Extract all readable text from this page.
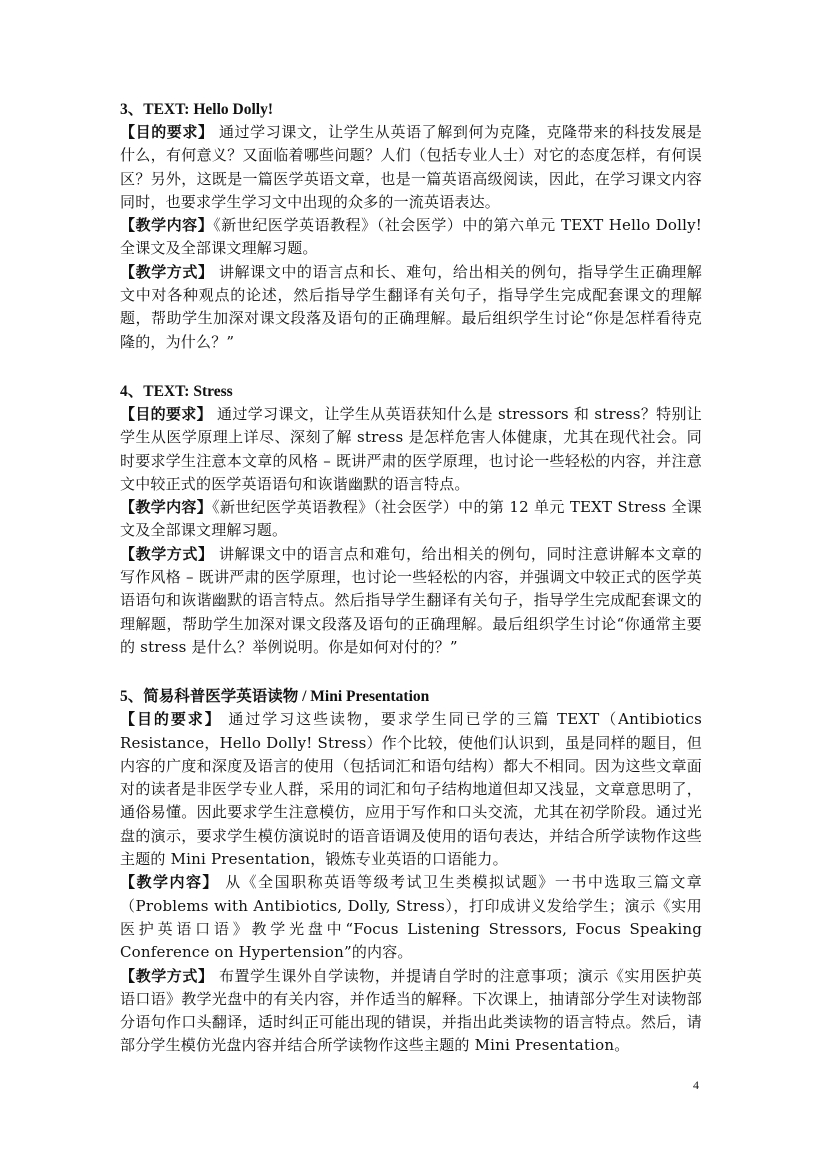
3、TEXT: Hello Dolly!

【目的要求】 通过学习课文，让学生从英语了解到何为克隆，克隆带来的科技发展是什么，有何意义？又面临着哪些问题？人们（包括专业人士）对它的态度怎样，有何误区？另外，这既是一篇医学英语文章，也是一篇英语高级阅读，因此，在学习课文内容同时，也要求学生学习文中出现的众多的一流英语表达。

【教学内容】《新世纪医学英语教程》（社会医学）中的第六单元 TEXT Hello Dolly! 全课文及全部课文理解习题。

【教学方式】 讲解课文中的语言点和长、难句，给出相关的例句，指导学生正确理解文中对各种观点的论述，然后指导学生翻译有关句子，指导学生完成配套课文的理解题，帮助学生加深对课文段落及语句的正确理解。最后组织学生讨论“你是怎样看待克隆的，为什么？”

4、TEXT: Stress

【目的要求】 通过学习课文，让学生从英语获知什么是 stressors 和 stress？特别让学生从医学原理上详尽、深刻了解 stress 是怎样危害人体健康，尤其在现代社会。同时要求学生注意本文章的风格 – 既讲严肃的医学原理，也讨论一些轻松的内容，并注意文中较正式的医学英语语句和诙谐幽默的语言特点。

【教学内容】《新世纪医学英语教程》（社会医学）中的第 12 单元 TEXT Stress 全课文及全部课文理解习题。

【教学方式】 讲解课文中的语言点和难句，给出相关的例句，同时注意讲解本文章的写作风格 – 既讲严肃的医学原理，也讨论一些轻松的内容，并强调文中较正式的医学英语语句和诙谐幽默的语言特点。然后指导学生翻译有关句子，指导学生完成配套课文的理解题，帮助学生加深对课文段落及语句的正确理解。最后组织学生讨论“你通常主要的 stress 是什么？举例说明。你是如何对付的？”

5、简易科普医学英语读物 / Mini Presentation

【目的要求】 通过学习这些读物，要求学生同已学的三篇 TEXT（Antibiotics Resistance，Hello Dolly! Stress）作个比较，使他们认识到，虽是同样的题目，但内容的广度和深度及语言的使用（包括词汇和语句结构）都大不相同。因为这些文章面对的读者是非医学专业人群，采用的词汇和句子结构地道但却又浅显，文章意思明了，通俗易懂。因此要求学生注意模仿，应用于写作和口头交流，尤其在初学阶段。通过光盘的演示，要求学生模仿演说时的语音语调及使用的语句表达，并结合所学读物作这些主题的 Mini Presentation，锻炼专业英语的口语能力。

【教学内容】 从《全国职称英语等级考试卫生类模拟试题》一书中选取三篇文章（Problems with Antibiotics, Dolly, Stress），打印成讲义发给学生；演示《实用医护英语口语》教学光盘中“Focus Listening Stressors, Focus Speaking Conference on Hypertension”的内容。

【教学方式】 布置学生课外自学读物，并提请自学时的注意事项；演示《实用医护英语口语》教学光盘中的有关内容，并作适当的解释。下次课上，抽请部分学生对读物部分语句作口头翻译，适时纠正可能出现的错误，并指出此类读物的语言特点。然后，请部分学生模仿光盘内容并结合所学读物作这些主题的 Mini Presentation。

4
